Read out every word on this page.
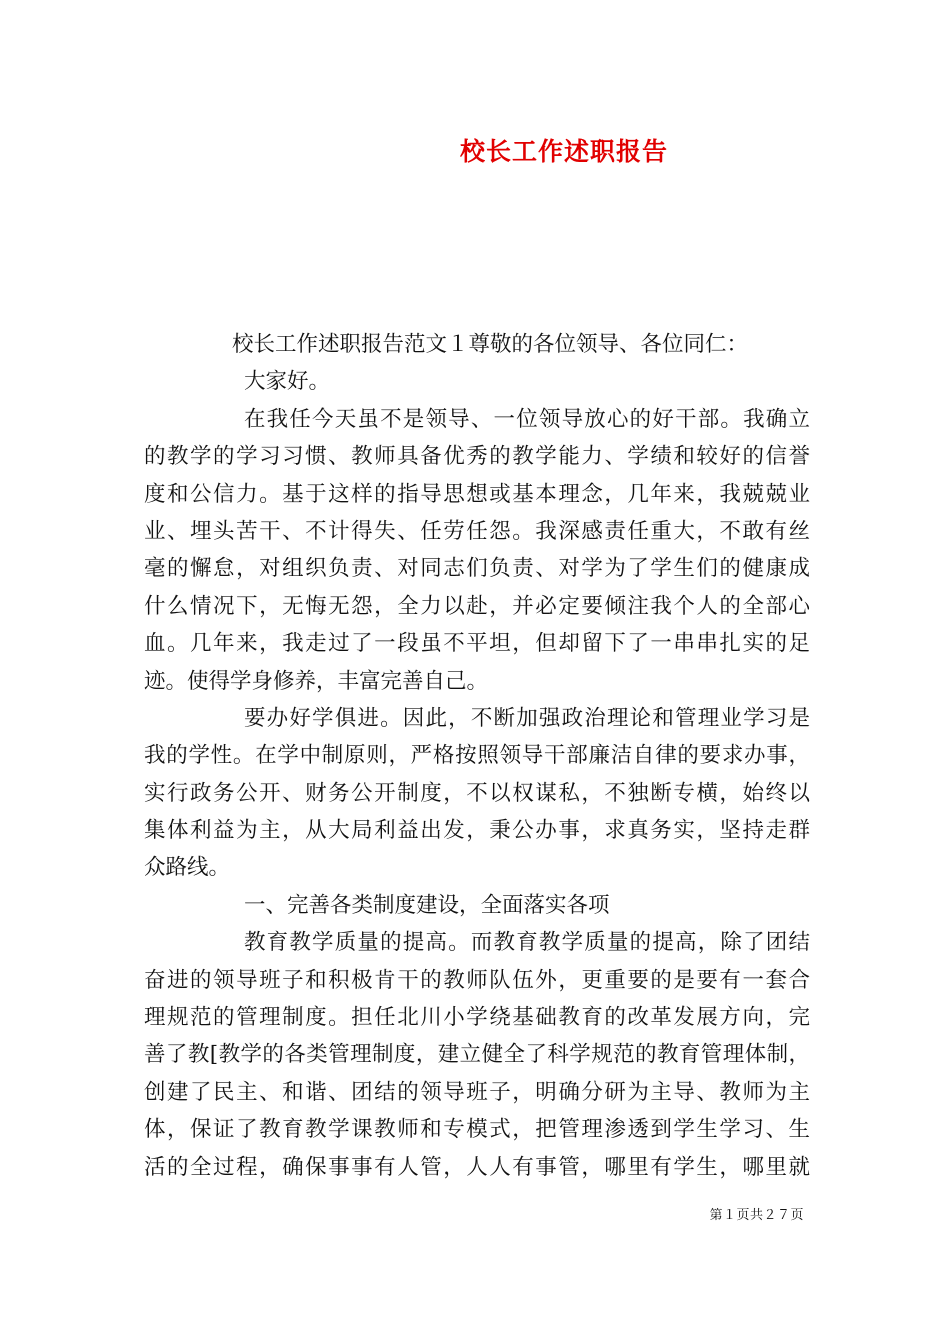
校长工作述职报告
校长工作述职报告范文１尊敬的各位领导、各位同仁：
大家好。
在我任今天虽不是领导、一位领导放心的好干部。我确立
的教学的学习习惯、教师具备优秀的教学能力、学绩和较好的信誉
度和公信力。基于这样的指导思想或基本理念，几年来，我兢兢业
业、埋头苦干、不计得失、任劳任怨。我深感责任重大，不敢有丝
毫的懈怠，对组织负责、对同志们负责、对学为了学生们的健康成
什么情况下，无悔无怨，全力以赴，并必定要倾注我个人的全部心
血。几年来，我走过了一段虽不平坦，但却留下了一串串扎实的足
迹。使得学身修养，丰富完善自己。
要办好学俱进。因此，不断加强政治理论和管理业学习是
我的学性。在学中制原则，严格按照领导干部廉洁自律的要求办事，
实行政务公开、财务公开制度，不以权谋私，不独断专横，始终以
集体利益为主，从大局利益出发，秉公办事，求真务实，坚持走群
众路线。
一、完善各类制度建设，全面落实各项
教育教学质量的提高。而教育教学质量的提高，除了团结
奋进的领导班子和积极肯干的教师队伍外，更重要的是要有一套合
理规范的管理制度。担任北川小学绕基础教育的改革发展方向，完
善了教[教学的各类管理制度，建立健全了科学规范的教育管理体制，
创建了民主、和谐、团结的领导班子，明确分研为主导、教师为主
体，保证了教育教学课教师和专模式，把管理渗透到学生学习、生
活的全过程，确保事事有人管，人人有事管，哪里有学生，哪里就
第１页共２７页
